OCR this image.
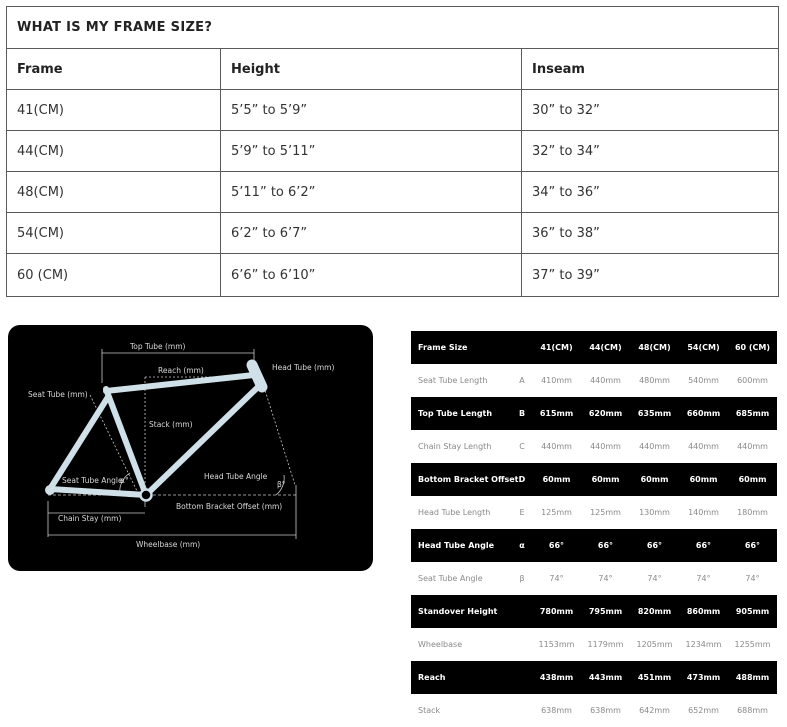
WHAT IS MY FRAME SIZE?
Frame	Height	Inseam
41(CM)	5’5” to 5’9”	30” to 32”
44(CM)	5’9” to 5’11”	32” to 34”
48(CM)	5’11” to 6’2”	34” to 36”
54(CM)	6’2” to 6’7”	36” to 38”
60 (CM)	6’6” to 6’10”	37” to 39”
Top Tube (mm)
Reach (mm)	Head Tube (mm)
Seat Tube (mm)
Stack (mm)
Head Tube Angle
Seat Tube Angle
α°	β°
Chain Stay (mm)
Bottom Bracket Offset (mm)
Wheelbase (mm)
Frame Size	41(CM)	44(CM)	48(CM)	54(CM)	60 (CM)
Seat Tube Length	A	410mm	440mm	480mm	540mm	600mm
Top Tube Length	B	615mm	620mm	635mm	660mm	685mm
Chain Stay Length	C	440mm	440mm	440mm	440mm	440mm
Bottom Bracket Offset D	60mm	60mm	60mm	60mm	60mm
Head Tube Length	E	125mm	125mm	130mm	140mm	180mm
Head Tube Angle	α	66°	66°	66°	66°	66°
Seat Tube Angle	β	74°	74°	74°	74°	74°
Standover Height	780mm	795mm	820mm	860mm	905mm
Wheelbase	1153mm	1179mm	1205mm	1234mm	1255mm
Reach	438mm	443mm	451mm	473mm	488mm
Stack	638mm	638mm	642mm	652mm	688mm
